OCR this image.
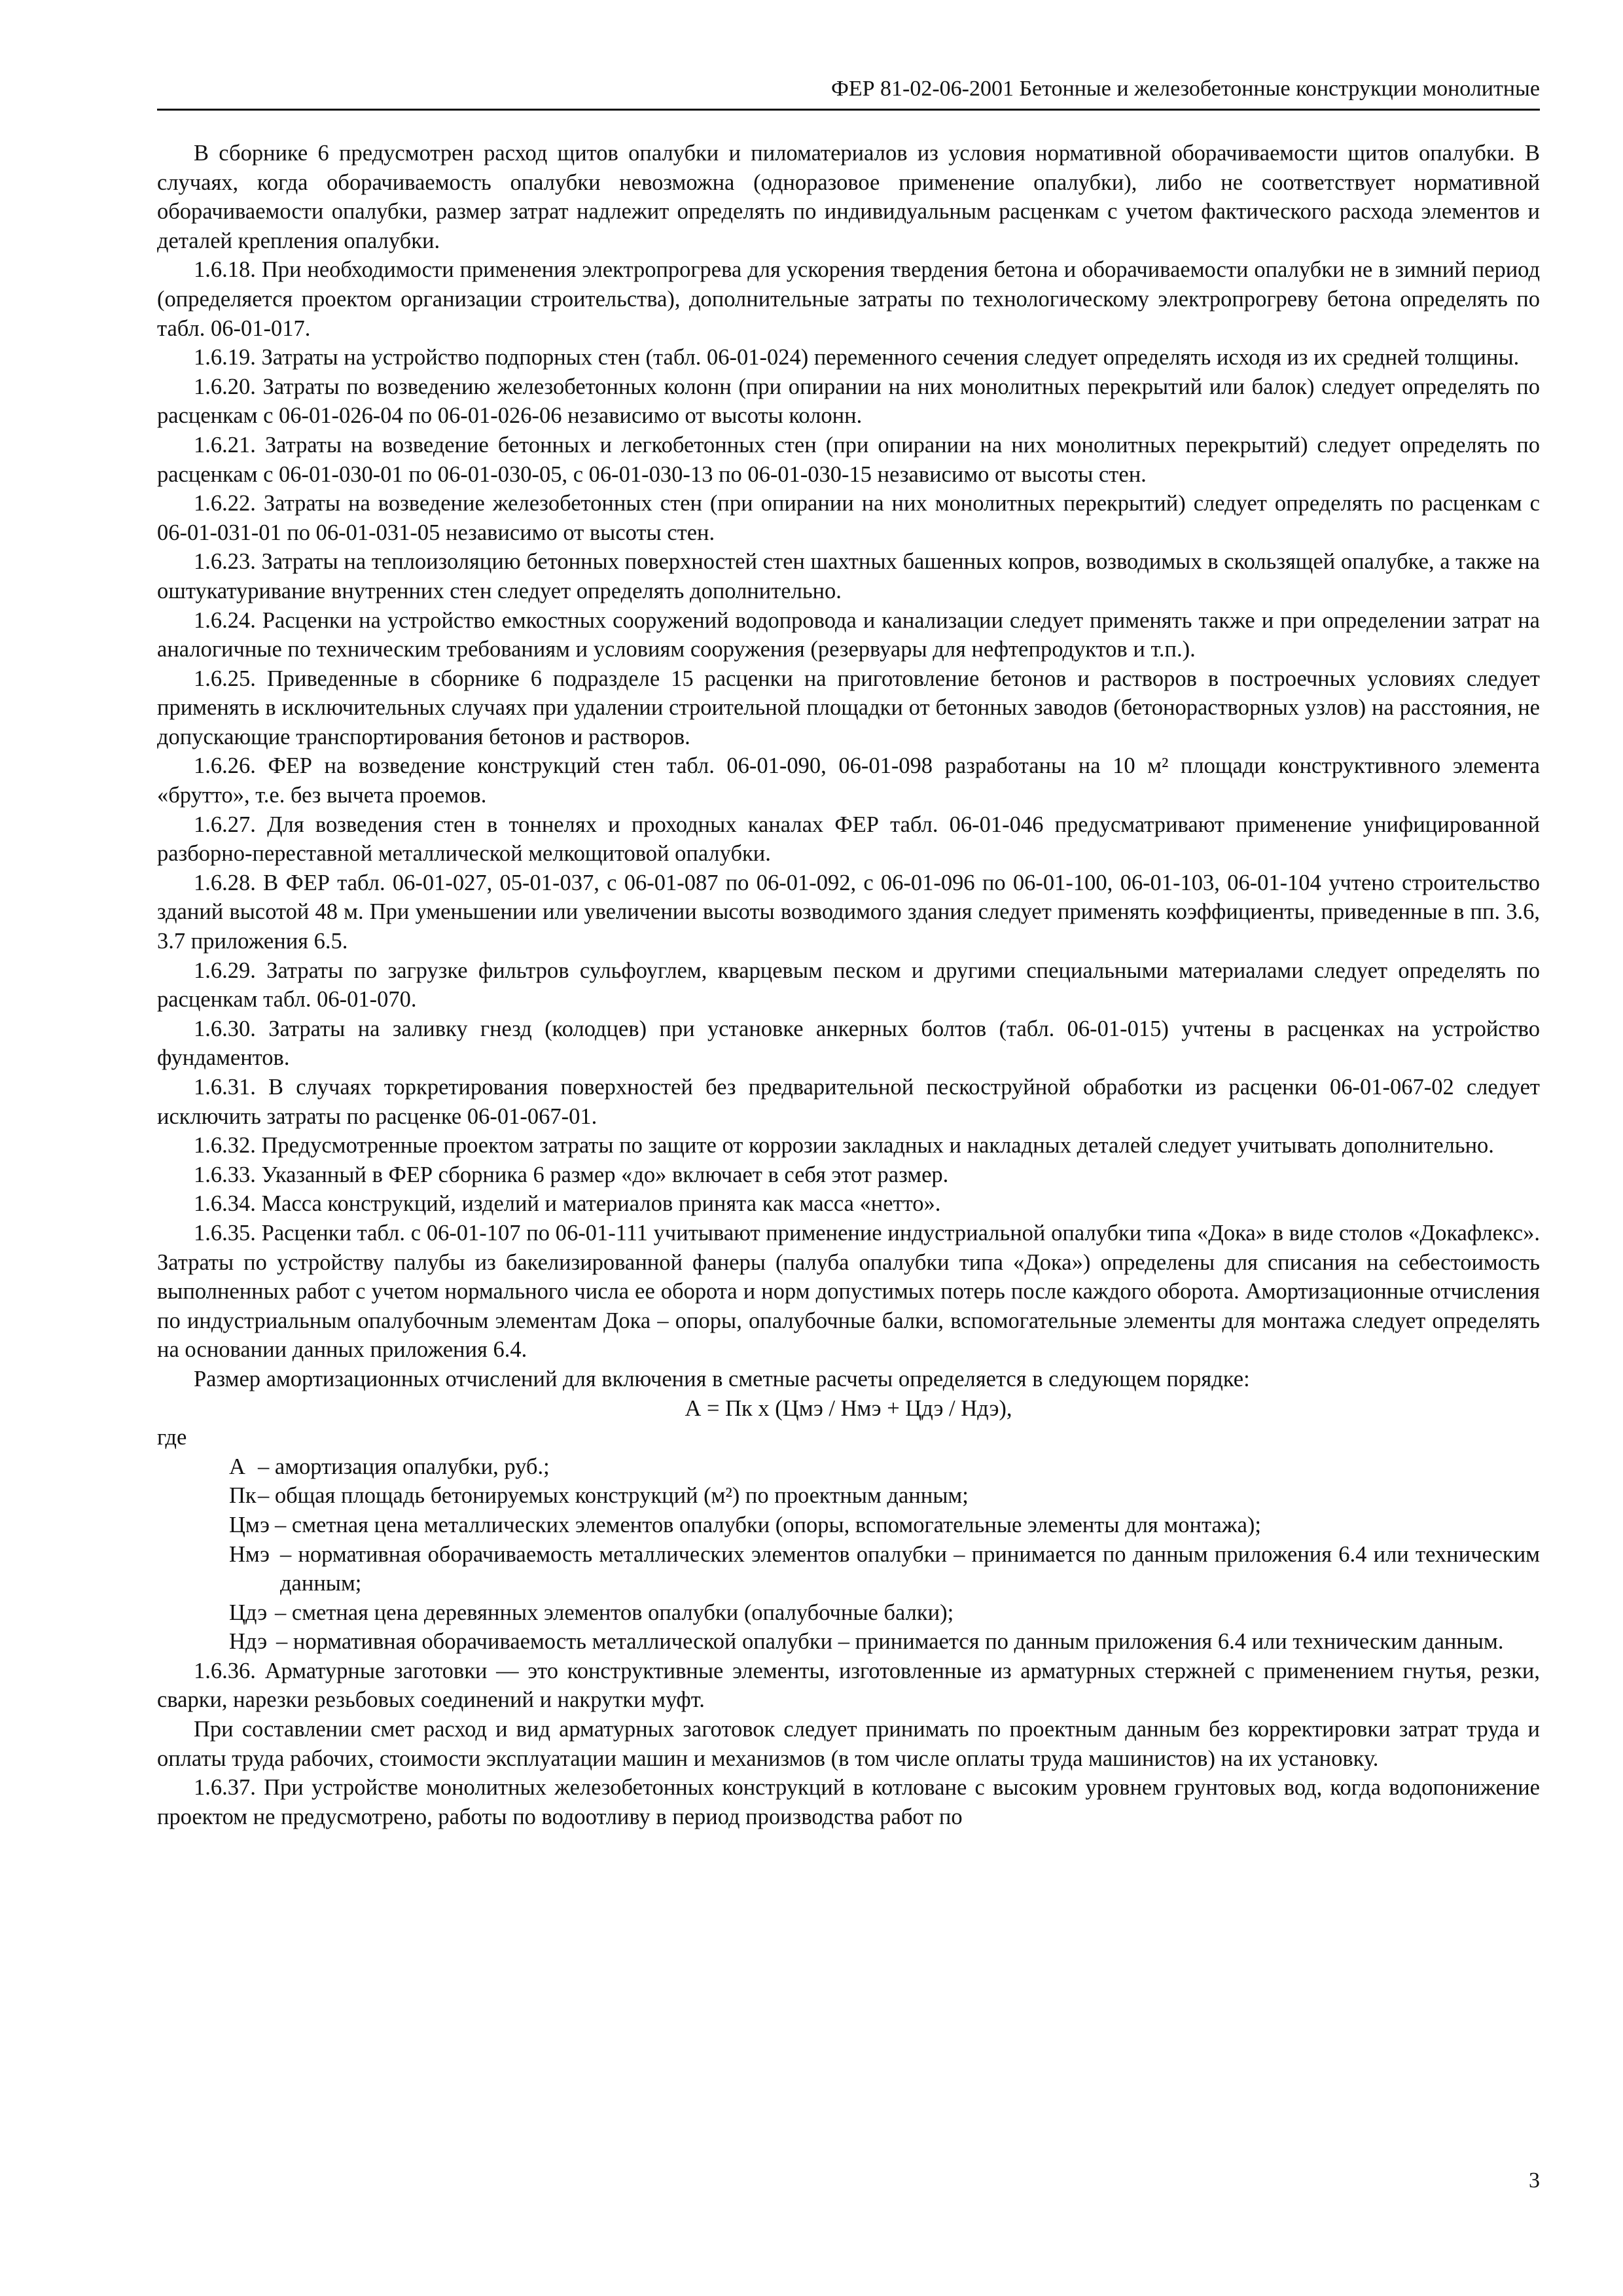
ФЕР 81-02-06-2001 Бетонные и железобетонные конструкции монолитные

В сборнике 6 предусмотрен расход щитов опалубки и пиломатериалов из условия нормативной оборачиваемости щитов опалубки. В случаях, когда оборачиваемость опалубки невозможна (одноразовое применение опалубки), либо не соответствует нормативной оборачиваемости опалубки, размер затрат надлежит определять по индивидуальным расценкам с учетом фактического расхода элементов и деталей крепления опалубки.

1.6.18. При необходимости применения электропрогрева для ускорения твердения бетона и оборачиваемости опалубки не в зимний период (определяется проектом организации строительства), дополнительные затраты по технологическому электропрогреву бетона определять по табл. 06-01-017.

1.6.19. Затраты на устройство подпорных стен (табл. 06-01-024) переменного сечения следует определять исходя из их средней толщины.

1.6.20. Затраты по возведению железобетонных колонн (при опирании на них монолитных перекрытий или балок) следует определять по расценкам с 06-01-026-04 по 06-01-026-06 независимо от высоты колонн.

1.6.21. Затраты на возведение бетонных и легкобетонных стен (при опирании на них монолитных перекрытий) следует определять по расценкам с 06-01-030-01 по 06-01-030-05, с 06-01-030-13 по 06-01-030-15 независимо от высоты стен.

1.6.22. Затраты на возведение железобетонных стен (при опирании на них монолитных перекрытий) следует определять по расценкам с 06-01-031-01 по 06-01-031-05 независимо от высоты стен.

1.6.23. Затраты на теплоизоляцию бетонных поверхностей стен шахтных башенных копров, возводимых в скользящей опалубке, а также на оштукатуривание внутренних стен следует определять дополнительно.

1.6.24. Расценки на устройство емкостных сооружений водопровода и канализации следует применять также и при определении затрат на аналогичные по техническим требованиям и условиям сооружения (резервуары для нефтепродуктов и т.п.).

1.6.25. Приведенные в сборнике 6 подразделе 15 расценки на приготовление бетонов и растворов в построечных условиях следует применять в исключительных случаях при удалении строительной площадки от бетонных заводов (бетонорастворных узлов) на расстояния, не допускающие транспортирования бетонов и растворов.

1.6.26. ФЕР на возведение конструкций стен табл. 06-01-090, 06-01-098 разработаны на 10 м² площади конструктивного элемента «брутто», т.е. без вычета проемов.

1.6.27. Для возведения стен в тоннелях и проходных каналах ФЕР табл. 06-01-046 предусматривают применение унифицированной разборно-переставной металлической мелкощитовой опалубки.

1.6.28. В ФЕР табл. 06-01-027, 05-01-037, с 06-01-087 по 06-01-092, с 06-01-096 по 06-01-100, 06-01-103, 06-01-104 учтено строительство зданий высотой 48 м. При уменьшении или увеличении высоты возводимого здания следует применять коэффициенты, приведенные в пп. 3.6, 3.7 приложения 6.5.

1.6.29. Затраты по загрузке фильтров сульфоуглем, кварцевым песком и другими специальными материалами следует определять по расценкам табл. 06-01-070.

1.6.30. Затраты на заливку гнезд (колодцев) при установке анкерных болтов (табл. 06-01-015) учтены в расценках на устройство фундаментов.

1.6.31. В случаях торкретирования поверхностей без предварительной пескоструйной обработки из расценки 06-01-067-02 следует исключить затраты по расценке 06-01-067-01.

1.6.32. Предусмотренные проектом затраты по защите от коррозии закладных и накладных деталей следует учитывать дополнительно.

1.6.33. Указанный в ФЕР сборника 6 размер «до» включает в себя этот размер.

1.6.34. Масса конструкций, изделий и материалов принята как масса «нетто».

1.6.35. Расценки табл. с 06-01-107 по 06-01-111 учитывают применение индустриальной опалубки типа «Дока» в виде столов «Докафлекс». Затраты по устройству палубы из бакелизированной фанеры (палуба опалубки типа «Дока») определены для списания на себестоимость выполненных работ с учетом нормального числа ее оборота и норм допустимых потерь после каждого оборота. Амортизационные отчисления по индустриальным опалубочным элементам Дока – опоры, опалубочные балки, вспомогательные элементы для монтажа следует определять на основании данных приложения 6.4.

Размер амортизационных отчислений для включения в сметные расчеты определяется в следующем порядке:

А = Пк х (Цмэ / Нмэ + Цдэ / Ндэ),

где

А – амортизация опалубки, руб.;
Пк – общая площадь бетонируемых конструкций (м²) по проектным данным;
Цмэ – сметная цена металлических элементов опалубки (опоры, вспомогательные элементы для монтажа);
Нмэ – нормативная оборачиваемость металлических элементов опалубки – принимается по данным приложения 6.4 или техническим данным;
Цдэ – сметная цена деревянных элементов опалубки (опалубочные балки);
Ндэ – нормативная оборачиваемость металлической опалубки – принимается по данным приложения 6.4 или техническим данным.

1.6.36. Арматурные заготовки — это конструктивные элементы, изготовленные из арматурных стержней с применением гнутья, резки, сварки, нарезки резьбовых соединений и накрутки муфт.

При составлении смет расход и вид арматурных заготовок следует принимать по проектным данным без корректировки затрат труда и оплаты труда рабочих, стоимости эксплуатации машин и механизмов (в том числе оплаты труда машинистов) на их установку.

1.6.37. При устройстве монолитных железобетонных конструкций в котловане с высоким уровнем грунтовых вод, когда водопонижение проектом не предусмотрено, работы по водоотливу в период производства работ по

3
